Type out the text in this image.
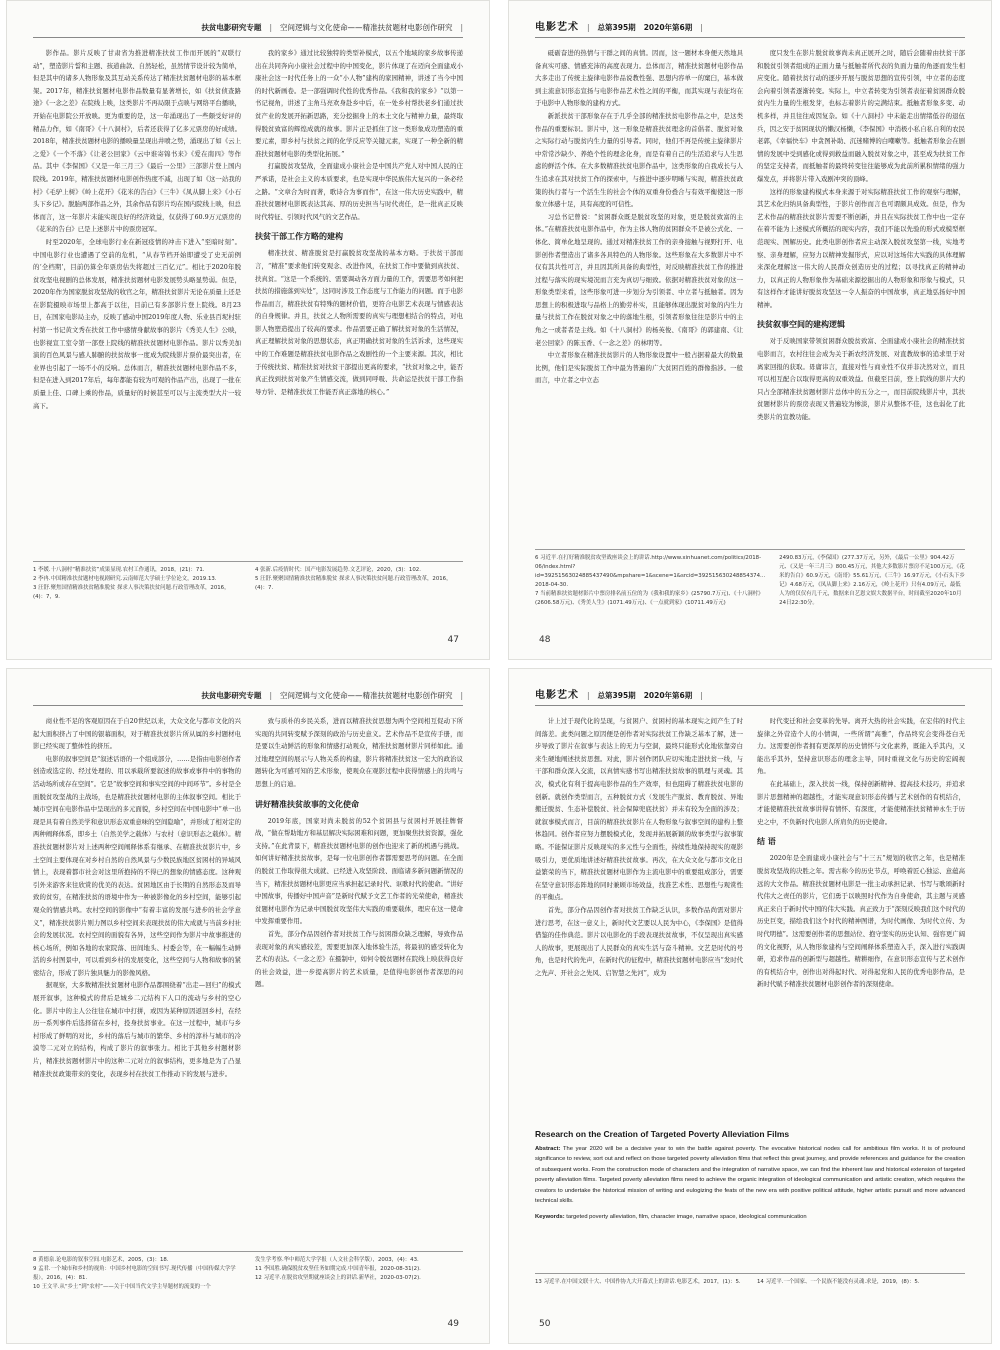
扶贫电影研究专题 | 空间逻辑与文化使命——精准扶贫题材电影创作研究 |

影作品。影片反映了甘肃省为推进精准扶贫工作而开展的“双联行动”，塑造影片誓和主题、孩道曲款、自然轻松，虽然情节设计较为简单，但是其中的诸多人物形象及其互动关系传达了精准扶贫题材电影的基本框架。2017年，精准扶贫题材电影作品数量有显著增长，如《扶贫侦查路途》《一念之差》在院线上映，这类影片不再局限于点映与网络平台播映，开始在电影院公开放映。更为重要的是，这一年涌现出了一些颇受好评的精品力作，如《南哥》《十八洞村》，后者还获得了亿多元票房的好成绩。2018年，精准扶贫题材电影的播映量呈现出井喷之势，涌现出了如《云上之爱》《一个不落》《让老公回家》《云中谁寄锦书来》《爱在南四》等作品。其中《李保国》《又是一年三月三》《最后一公里》三部影片登上国内院线。2019年，精准扶贫题材电影创作热度不减，出现了如《这一站我的村》《毛驴上树》《岭上花开》《花米的告白》《三牛》《凤从脚上来》《小石头下乡记》。脱胎两部作品之外，其余作品有影片均在国内院线上映，但总体而言，这一年影片未能实现良好的经济效益，仅获得了60.9万元票房的《花米的告白》已是上述影片中的票房冠军。

时至2020年，全球电影行业在新冠疫情的冲击下进入“至暗时刻”。中国电影行业也遭遇了空前的危机，“从春节档开始即遭受了史无前例的‘全档期’，目前仍算全年票房估失将超过三百亿元”。相比于2020年脱贫攻坚电视剧的总体发展，精准扶贫题材电影发展势头略显势弱。但是，2020年作为国家脱贫攻坚战的收官之年，精准扶贫影片无论在质量上还是在影院摄映市场里上都高于以往，目前已有多部影片登上院线。8月23日，在国家电影局主办，反映了感动中国2019年度人物、乐业县百坭村驻村第一书记黄文秀在扶贫工作中感情身献故事的影片《秀美人生》公映，也影视宣工室令第一部登上院线的精准扶贫题材电影作品。影片以秀美加演的百色风景与感人肺腑的扶贫故事一度成为院线影片票价最突出者，在业界也引起了一场不小的反响。总体而言，精准扶贫题材电影作品不多，但是在进入到2017年后，每年都能有较为可观的作品产出，出现了一批在质量上佳、口碑上乘的作品，质量好的时候甚至可以与主流类型大片一较高下。

我的家乡》通过比较独特的类型补模式，以五个地域的家乡故事传递出在共同奔向小康社会过程中的中国变化，影片体现了在迈向全面建成小康社会这一时代任务上的一众“小人物”建构的家园精神，讲述了当今中国的时代新画卷。是一部强调时代性的优秀作品。《我和我的家乡》“以第一书记视角，讲述了主角马亮欢身赴乡中后，在一处乡村帮扶老乡们通过扶贫产业的发展开拓新思路，充分挖掘身上的本土文化与精神力量，最终取得脱贫致富的辉煌成就的故事。影片正是抓住了这一类形象成功塑造的重要元素，即乡村与扶贫之间的化学反应等关键元素，实现了一种全新的精准扶贫题材电影的类型化拓展。”

打赢脱贫攻坚战，全面建成小康社会是中国共产党人对中国人民的庄严承诺，是社会主义的本质要求，也是实现中华民族伟大复兴的一条必经之路。“文章合为时而著，歌诗合为事而作”，在这一伟大历史实践中，精准扶贫题材电影既表达其高、厚的历史担当与时代责任，是一批真正反映时代特征、引领时代风气的文艺作品。

扶贫干部工作方略的建构

精准扶贫、精准脱贫是打赢脱贫攻坚战的基本方略。于扶贫干部而言，“精准”要求他们转变观念、改进作风，在扶贫工作中要做到真扶贫、扶真贫。“这是一个系统的、需要调动各方面力量的工作，需要思考如何把扶贫的措施落到实处”，这同时涉及工作态度与工作能力的问题。而于电影作品而言，精准扶贫有特殊的题材价值，更符合电影艺术表现与情感表达的自身规律。并且，扶贫之人物所需要的真实与理想相结合的特点，对电影人物塑造提出了较高的要求。作品需要正确了解扶贫对象的生活情况，真正理解扶贫对象的思想状态，真正明确扶贫对象的生活诉求，这些现实中的工作难题是精准扶贫电影作品之戏剧性的一个主要来源。其次，相比于传统扶贫、精准扶贫对扶贫干部提出更高的要求，“扶贫对象之中，能否真正找到扶贫对象产生情感交流，做到同呼吸、共命运是扶贫干部工作指导方针、是精准扶贫工作能否真正落地的核心。”

1 李媛.十八洞村“精准扶贫”成果显现.农村工作通讯，2018，(21)：71.
2 李冉.中国精准扶贫题材电视剧研究.云南师范大学硕士学位论文，2019.13.
3 汪舒.聚焦国情精准扶贫精准脱贫 探求人事决策扶贫问题.行政管理改革，2016，(4)：7，9.
4 张新.后疫情时代：国产电影发展趋势.文艺评论，2020，(3)：102.
5 汪舒.聚聚国情精准扶贫精准脱贫 探求人事决策扶贫问题.行政管理改革，2016，(4)：7.
47
电影艺术 | 总第395期 2020年第6期 |

砥砺奋进的热情与干群之间的真情。因而，这一题材本身便天然地具备真实可感、情感充沛的高度表现力。总体而言，精准扶贫题材电影作品大多走出了传统主旋律电影作品说教性强、思想内容单一的窠臼，基本做到主流意识形态宣扬与电影作品艺术性之间的平衡，而其实现与表征均在于电影中人物形象的建构方式。

新派扶贫干部形象存在于几乎全部的精准扶贫电影作品之中，是这类作品的重要标识。影片中，这一形象是精准扶贫理念的首倡者、脱贫对象之实际行动与脱贫内生力量的引导者。同时，他们不再是传统主旋律影片中常常沙缺少、养绝个性的理念化身，而是有着自己的生活追求与人生思虑的鲜活个体。在大多数精准扶贫电影作品中，这类形象的自我成长与人生追求在其对扶贫工作的探索中，与推进中逐步明晰与实现，精准扶贫政策的执行者与一个活生生的社会个体的双重身份叠合与有效平衡使这一形象立体感十足，具有高度的可信性。

习总书记曾说：“贫困群众既是脱贫攻坚的对象，更是脱贫致富的主体。”在精准扶贫电影作品中，作为主体人物的贫困群众不是被公式化、一体化、简单化地呈现的。通过对精准扶贫工作的亲身接触与视野打开、电影创作者塑造出了诸多各具特色的人物形象。这些形象在大多数影片中不仅有其共性可言，并且因其所具备的典型性，对反映精准扶贫工作的推进过程与落实的现实境况而言充为真切与细致。依据对精准扶贫对象的这一形象类型来看，这些形象可进一步划分为引领者、中立者与抵触者。因为思想上的积极进取与品格上的勤劳朴实，且能够体现出脱贫对象的内生力量与扶贫工作在脱贫对象之中的落地生根，引领者形象往往是影片中的主角之一或者者是主线。如《十八洞村》的杨英俊、《南哥》的郭建南、《让老公回家》的陈玉香、《一念之差》的林明等。

中立者形象在精准扶贫影片的人物形象设置中一般占据着最大的数量比例，他们是实际脱贫工作中最为普遍的广大贫困百姓的群像指涉。一般而言，中立者之中立态

度只发生在影片脱贫故事尚未真正展开之时，随后会随着由扶贫干部和脱贫引领者组成的正面力量与抵触者所代表的负面力量的角逐而发生相应变化。随着扶贫行动的逐步开展与脱贫思想的宣传引领，中立者的态度会向着引领者逐渐转变。实际上，中立者转变为引领者表征着贫困群众脱贫内生力量的生根发芽，也标志着影片的完满结束。抵触者形象多变、动机多样，并且往往成因复杂。如《十八洞村》中未能走出情绪低谷的退伍兵，因之安于贫困现状的懒汉杨懒，《李保国》中消极小私自私自利的农民老郭，《幸福快车》中贪图补助、沉迷赌博的白嘲嗽等。抵触者形象会在剧情的发展中受到感化或得到救益而融入脱贫对象之中，甚至成为扶贫工作的坚定支持者，而抵触者的最终转变往往能够成为此前所累积情绪的强力爆发点，并将影片带入戏剧冲突的顶峰。

这样的形象建构模式本身来源于对实际精准扶贫工作的观察与理解，其艺术化归纳具备典型性，于影片创作而言也可谓颇具成效。但是，作为艺术作品的精准扶贫影片需要不断创新，并且在实际扶贫工作中也一定存在着不能为上述模式所概括的现实内容，我们不能以先验的形式或模型框范现实、图解历史。此类电影创作者应主动深入脱贫攻坚第一线，实地考察、亲身理解，应努力以精神发掘形式，应以对这场伟大实践的具体理解来深化理解这一伟大的人民群众创造历史的过程；以寻找真正的精神动力，以真正的人物形象作为基础来源挖掘出的人物形象和形象与模式，只有这样作才能讲好脱贫攻坚这一令人振奋的中国故事，真正地弘扬好中国精神。

扶贫叙事空间的建构逻辑

对于反映国家带领贫困群众脱贫致富、全面建成小康社会的精准扶贫电影而言，农村往往会成为关于新农经济发展、对直教故事的追求里于对离家回报的获取。毋庸讳言，直接对性与商业性不仅并非决然对立，而且可以相互配合以取得更高的双重效益。但截至目前，登上院线的影片大约只占全部精准扶贫题材影片总体中的五分之一，而目前院线影片中，其扶贫题材影片的票房表现又普遍较为惨淡，影片从整体不佳，这也弱化了此类影片的宣教功能。

6 习近平.在打好精准脱贫攻坚战座谈会上的讲话.http://www.xinhuanet.com/politics/2018-06/index.html?id=39251563024885437490&mpshare=1&scene=1&srcid=392515630248854374...
2018-04-30.
7 当前精准扶贫题材影片中票房排名前五位的为《我和我的家乡》(25790.7万元)、《十八洞村》(2606.58万元)、《秀美人生》(1071.49万元)、《一点就到家》(10711.49万元)
2490.83万元，《李保国》(277.37万元，另外，《最后一公里》904.42万元、《又是一年三月三》800.45万元，其他大多数影片票房不足100万元，《花米的告白》60.9万元，《南哥》55.61万元，《三牛》16.97万元，《小石头下乡记》4.68万元，《凤从脚上来》2.16万元，《岭上花开》只有4.09万元，最低人为的仅仅有几千元，数据来自艺恩文娱大数据平台，时间截至2020年10月24日22:30分。
48
扶贫电影研究专题 | 空间逻辑与文化使命——精准扶贫题材电影创作研究 |

商业性不足的客观原因在于自20世纪以来，大众文化与都市文化的兴起大面积挤占了中国的银幕面积，对于精准扶贫影片所从属的乡村题材电影已经实现了整体性的挤压。

电影的叙事空间是“叙述话语的一个组成部分，……是指由电影创作者创造或选定的、经过处理的、用以承载所要叙述的故事或事件中的事物的活动场所或存在空间”。它是“故事空间和事实空间的中间环节”。乡村是全面脱贫攻坚战的主战场，也是精准扶贫题材电影的主体叙事空间。相比于城市空间在电影作品中呈现出的多元面貌，乡村空间在中国电影中“单一出现是具有着自然美学和意识形态双重意味的空间隐喻”，并形成了相对定的两种阐释体系，即乡土（自然美学之载体）与农村（意识形态之载体）。精准扶贫题材影片对上述两种空间阐释体系有继承、在精准扶贫影片中，乡土空间主要体现在对乡村自然的自然风景与少数民族地区贫困村的异域风情上，表现着都市社会对这里所抱持的不得已的想象的情感态度。这种观引外来游客来往欣赏的优美的表达。贫困地区由于长期的自然形态及而导致的贫穷，在精准扶贫的语境中作为一种被影像化的乡村空间，能够引起观众的情感共鸣。农村空间的影像中“有着丰富的发展与进步的社会学意义”，精准扶贫影片则力图以乡村空间来表现扶贫的伟大成就与当前乡村社会的发展状况。农村空间的面貌有各异，这些空间作为影片中故事推进的核心场所，例如各地的农家院落、田间地头、村委会等，在一幅幅生动鲜活的乡村图景中，可以看到乡村的发展变化，这些空间与人物和故事的紧密结合，形成了影片独具魅力的影像风格。

据观察，大多数精准扶贫题材电影作品都围绕着“出走—回归”的模式展开叙事，这种模式的背后是城乡二元结构下人口的流动与乡村的空心化。影片中的主人公往往在城市中打拼，或因为某种原因返回乡村，在经历一系列事件后选择留在乡村，投身扶贫事业。在这一过程中，城市与乡村形成了鲜明的对比，乡村的落后与城市的繁华、乡村的淳朴与城市的冷漠等二元对立的结构，构成了影片的叙事张力。相比于其他乡村题材影片，精准扶贫题材影片中的这种二元对立的叙事结构，更多地是为了凸显精准扶贫政策带来的变化，表现乡村在扶贫工作推动下的发展与进步。

致与质朴的乡民关系，进而以精准扶贫思想为两个空间相互促动下所实现的共同转变赋予深刻的政治与历史意义。艺术作品不是宣传手册，而是要以生动鲜活的形象和情感打动观众，精准扶贫题材影片同样如此。通过地理空间的展示与人物关系的构建，影片将精准扶贫这一宏大的政治议题转化为可感可知的艺术形象，使观众在观影过程中获得情感上的共鸣与思想上的启迪。

讲好精准扶贫故事的文化使命

2019年底，国家对尚未脱贫的52个贫困县与贫困村开展挂牌督战，“做在帮助地方和基层解决实际困难和问题，更加聚焦扶贫资源，强化支持。”在此背景下，精准扶贫题材电影的创作也迎来了新的机遇与挑战。如何讲好精准扶贫故事，是每一位电影创作者都需要思考的问题。在全面的脱贫工作取得很大成就、已经进入攻坚阶段、面临诸多新问题新情况的当下，精准扶贫题材电影更应当承担起记录时代、讴歌时代的使命。“讲好中国故事，传播好中国声音”是新时代赋予文艺工作者的光荣使命，精准扶贫题材电影作为记录中国脱贫攻坚伟大实践的重要载体，理应在这一使命中发挥重要作用。

首先，部分作品因创作者对扶贫工作与贫困群众缺乏理解，导致作品表现对象的真实感较差，需要更加深入地体验生活，将最初的感受转化为艺术的表达。《一念之差》在摄制中，如何令脱贫题材在院线上映获得良好的社会效益，进一步提高影片的艺术质量，是值得电影创作者深思的问题。

8 黄德泉.论电影的叙事空间.电影艺术，2005，(3)：18.
9 孟君.一个城市和乡村的视角：中国乡村电影的空间书写.现代传播（中国传媒大学学报），2016，(4)：81.
10 王文平.从“乡土”到“农村”——关于中国当代文学主导题材的流变的一个
发生学考察.华中师范大学学报（人文社会科学版），2003，(4)：43.
11 李国胜.确保脱贫攻坚任务如期完成.中国青年报，2020-08-31(2).
12 习近平.在脱贫攻坚期就座谈会上的讲话.新华社，2020-03-07(2).
49
电影艺术 | 总第395期 2020年第6期 |

计上过于现代化的呈现，与贫困户、贫困村的基本现实之间产生了时间落差。此类问题之原因便是创作者对实际扶贫工作缺乏基本了解，进一步导致了影片在叙事与表达上的无力与空洞，最终只能形式化地依靠旁白来生硬地阐述扶贫思想。对此，影片创作团队应切实地走进扶贫一线，与干部和群众深入交流，以真情实感书写出精准扶贫故事的肌理与灵魂。其次，模式化有利于提高电影作品的生产效率，但也阻碍了精准扶贫电影的创新。就创作类型而言，五种脱贫方式（发展生产脱贫、教育脱贫、异地搬迁脱贫、生态补偿脱贫、社会保障兜底扶贫）并未有较为全面的涉及；就叙事模式而言，目前的精准扶贫影片在人物形象与叙事空间的建构上整体趋同。创作者应努力摆脱模式化，发现并拓展新颖的故事类型与叙事策略。不能保证影片反映现实的多元性与全面性，持续性地保持现实的观影吸引力，更优质地讲述好精准扶贫故事。再次，在大众文化与都市文化日益繁荣的当下，精准扶贫题材电影作为主流电影中的重要组成部分，需要在坚守意识形态阵地的同时兼顾市场效益，找准艺术性、思想性与观赏性的平衡点。

首先，部分作品因创作者对扶贫工作缺乏认识，多数作品尚需对影片进行思考，在这一意义上，新时代文艺要以人民为中心，《李保国》是值得借鉴的佳作典范。影片以电影化的手段表现扶贫故事，不仅呈现出真实感人的故事，更展现出了人民群众的真实生活与奋斗精神。文艺是时代的号角，也是时代的先声，在新时代的征程中，精准扶贫题材电影应当“发时代之先声、开社会之先风、启智慧之先河”，成为

时代变迁和社会变革的先导。离开大热的社会实践，在宏伟的时代主旋律之外营造个人的小情调，一些所谓“高雅”，作品终究会变得苍白无力。这需要创作者拥有更深厚的历史情怀与文化素养，既能入乎其内，又能出乎其外，坚持意识形态的理念主导，同时重视文化与历史的宏阔视角。

在此基础上，深入扶贫一线，保持创新精神、提高技术技巧，并追求影片思想精神的超越性，才能实现意识形态传播与艺术创作的有机结合，才能使精准扶贫故事讲得有情怀、有深度，才能使精准扶贫精神永生于历史之中，不负新时代电影人所肩负的历史使命。

结 语

2020年是全面建成小康社会与“十三五”规划的收官之年，也是精准脱贫攻坚战的决胜之年。需古称今的历史节点，呼唤着匠心独运、意蕴高远的大文作品。精准扶贫题材电影是一批主动承担记录、书写与歌颂新时代伟大之责任的影片，它们勇于以映照时代作为自身使命，其主题与灵感真正来自于新时代中国的伟大实践。真正致力于“深刻反映我们这个时代的历史巨变，描绘我们这个时代的精神图谱，为时代画像、为时代立传、为时代明德”。这需要创作者的思想站位、抱守坚实的历史认知、强容更广阔的文化视野，从人物形象建构与空间阐释体系塑造入手，深入进行实践调研，追求作品的创新型与超越性。精耕细作，在意识形态宣传与艺术创作的有机结合中，创作出对得起时代、对得起党和人民的优秀电影作品，是新时代赋予精准扶贫题材电影创作者的深刻使命。

Research on the Creation of Targeted Poverty Alleviation Films

Abstract: The year 2020 will be a decisive year to win the battle against poverty. The evocative historical nodes call for ambitious film works. It is of profound significance to review, sort out and reflect on those targeted poverty alleviation films that reflect this great journey, and provide references and guidance for the creation of subsequent works. From the construction mode of characters and the integration of narrative space, we can find the inherent law and historical extension of targeted poverty alleviation films. Targeted poverty alleviation films need to achieve the organic integration of ideological communication and artistic creation, which requires the creators to undertake the historical mission of writing and eulogizing the feats of the new era with positive political attitude, higher artistic pursuit and more advanced technical skills.

Keywords: targeted poverty alleviation, film, character image, narrative space, ideological communication

13 习近平.在中国文联十大、中国作协九大开幕式上的讲话.电影艺术，2017，(1)：5.	14 习近平.一个国家、一个民族不能没有灵魂.求是，2019，(8)：5.
50
